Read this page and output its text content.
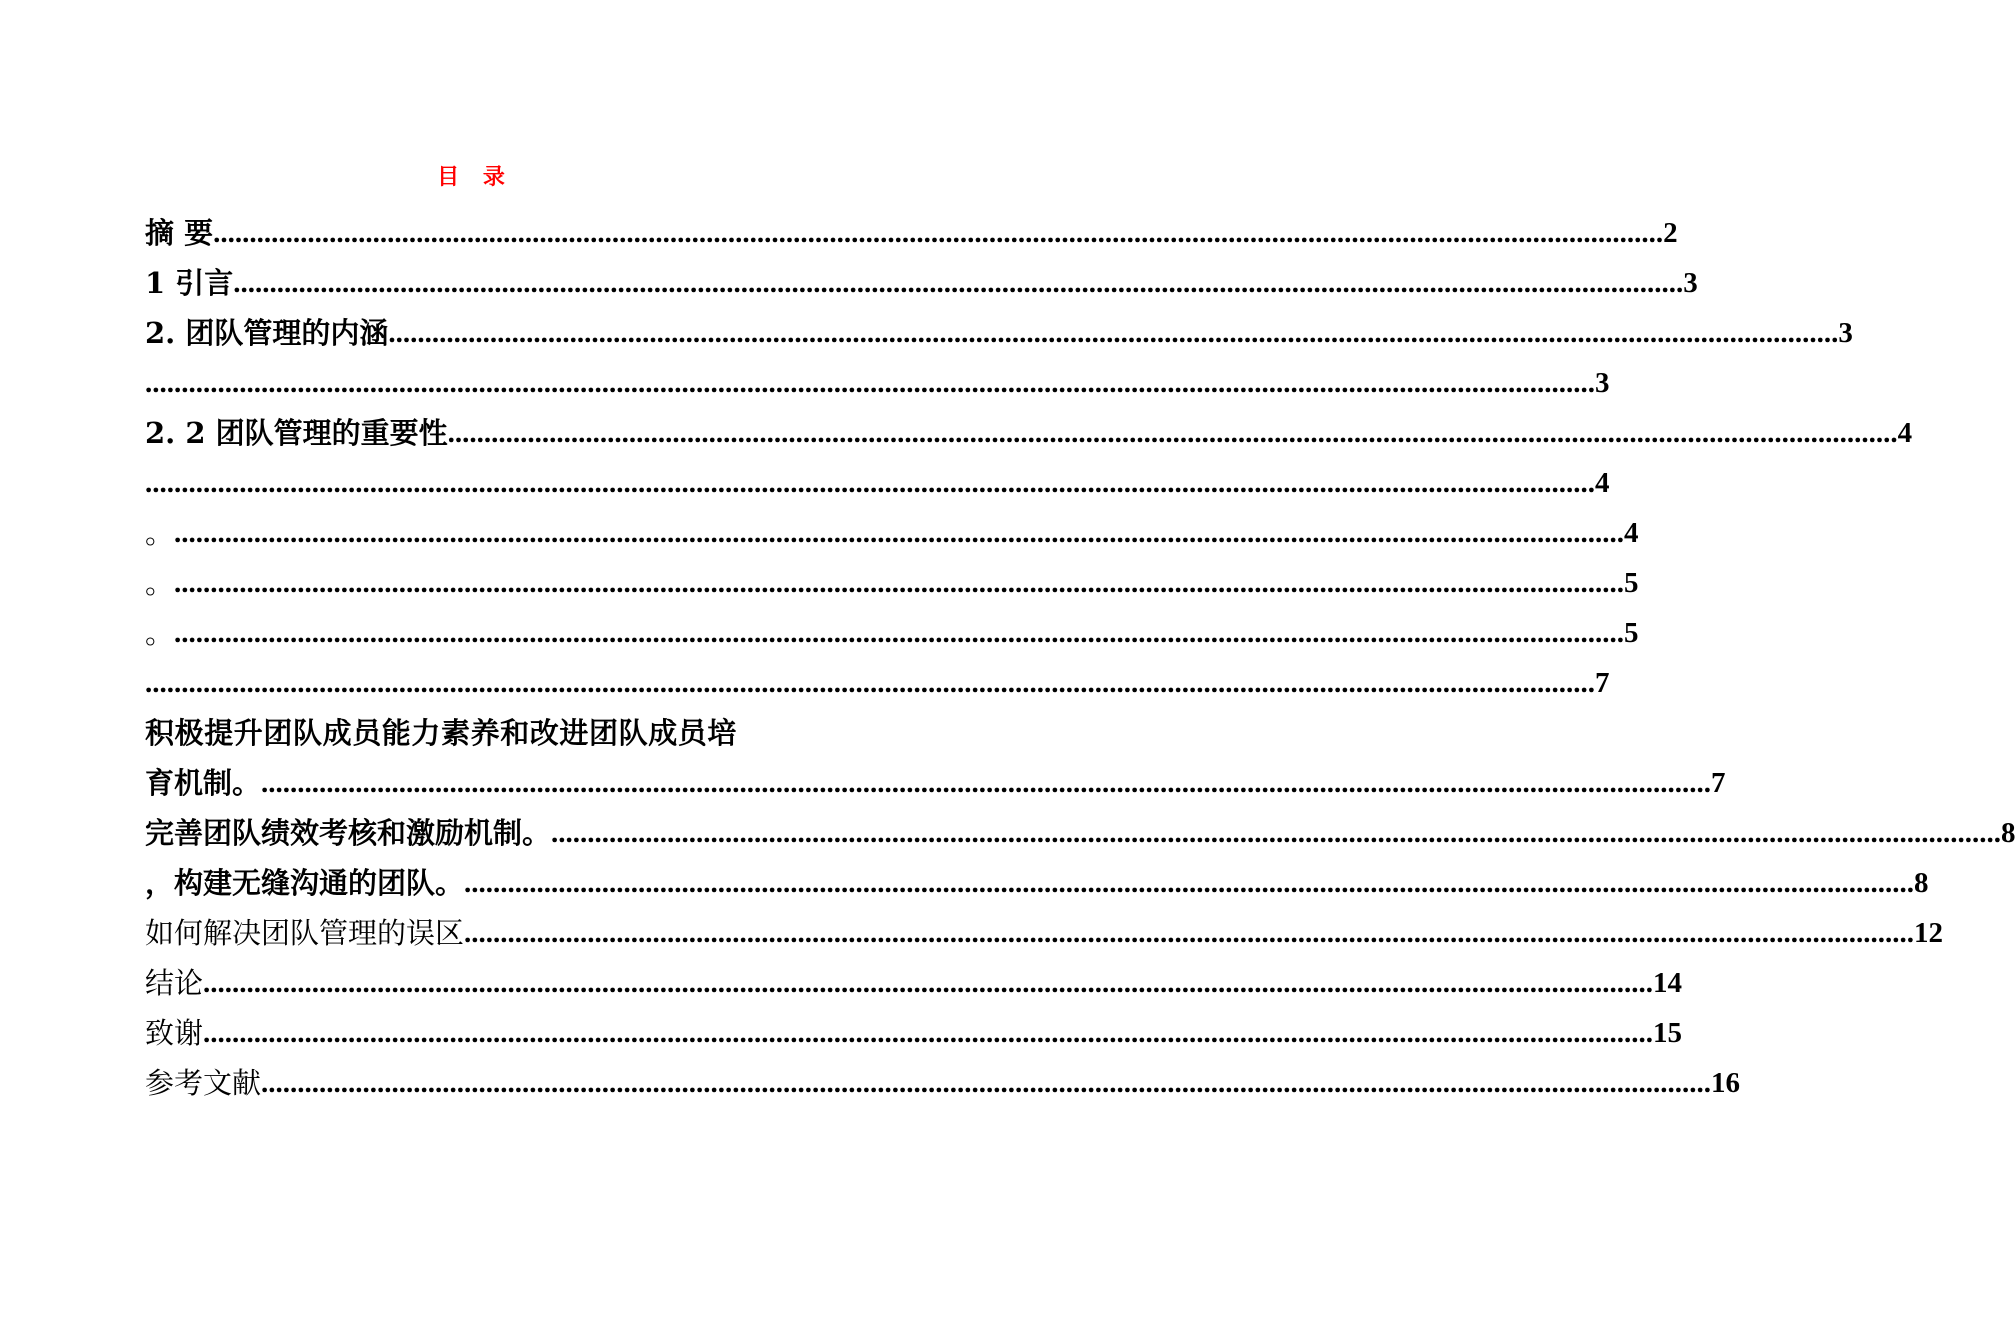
目 录
摘 要 ........................................................................................................................................................................................................ 2
1 引言 ........................................................................................................................................................................................................ 3
2. 团队管理的内涵 ........................................................................................................................................................................................................ 3
........................................................................................................................................................................................................ 3
2. 2 团队管理的重要性 ........................................................................................................................................................................................................ 4
........................................................................................................................................................................................................ 4
。 ........................................................................................................................................................................................................ 4
。 ........................................................................................................................................................................................................ 5
。 ........................................................................................................................................................................................................ 5
........................................................................................................................................................................................................ 7
积极提升团队成员能力素养和改进团队成员培
育机制。 ........................................................................................................................................................................................................ 7
完善团队绩效考核和激励机制。 ........................................................................................................................................................................................................ 8
，构建无缝沟通的团队。 ........................................................................................................................................................................................................ 8
如何解决团队管理的误区 ........................................................................................................................................................................................................ 12
结论 ........................................................................................................................................................................................................ 14
致谢 ........................................................................................................................................................................................................ 15
参考文献 ........................................................................................................................................................................................................ 16
